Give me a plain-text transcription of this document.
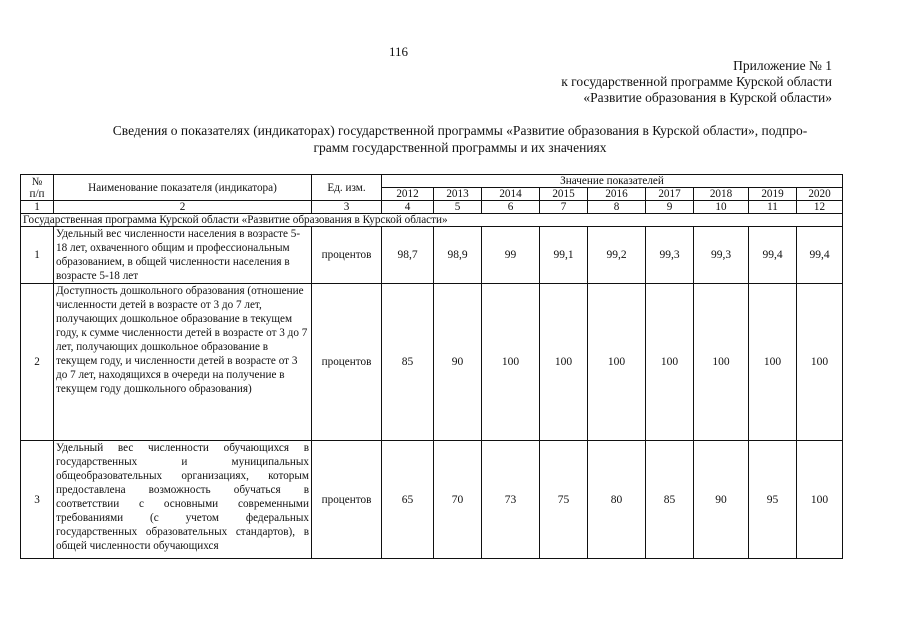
116
Приложение № 1
к государственной программе Курской области
«Развитие образования в Курской области»
Сведения о показателях (индикаторах) государственной программы «Развитие образования в Курской области», подпро-
грамм государственной программы и их значениях
№
п/п	Наименование показателя (индикатора)	Ед. изм.	Значение показателей								
			2012	2013	2014	2015	2016	2017	2018	2019	2020
1	2	3	4	5	6	7	8	9	10	11	12
Государственная программа Курской области «Развитие образования в Курской области»											
1	Удельный вес численности населения в возрасте 5-18 лет, охваченного общим и профессиональным образованием, в общей численности населения в возрасте 5-18 лет	процентов	98,7	98,9	99	99,1	99,2	99,3	99,3	99,4	99,4
2	Доступность дошкольного образования (отношение численности детей в возрасте от 3 до 7 лет, получающих дошкольное образование в текущем году, к сумме численности детей в возрасте от 3 до 7 лет, получающих дошкольное образование в текущем году, и численности детей в возрасте от 3 до 7 лет, находящихся в очереди на получение в текущем году дошкольного образования)	процентов	85	90	100	100	100	100	100	100	100
3	Удельный вес численности обучающихся в государственных и муниципальных общеобразовательных организациях, которым предоставлена возможность обучаться в соответствии с основными современными требованиями (с учетом федеральных государственных образовательных стандартов), в общей численности обучающихся	процентов	65	70	73	75	80	85	90	95	100
